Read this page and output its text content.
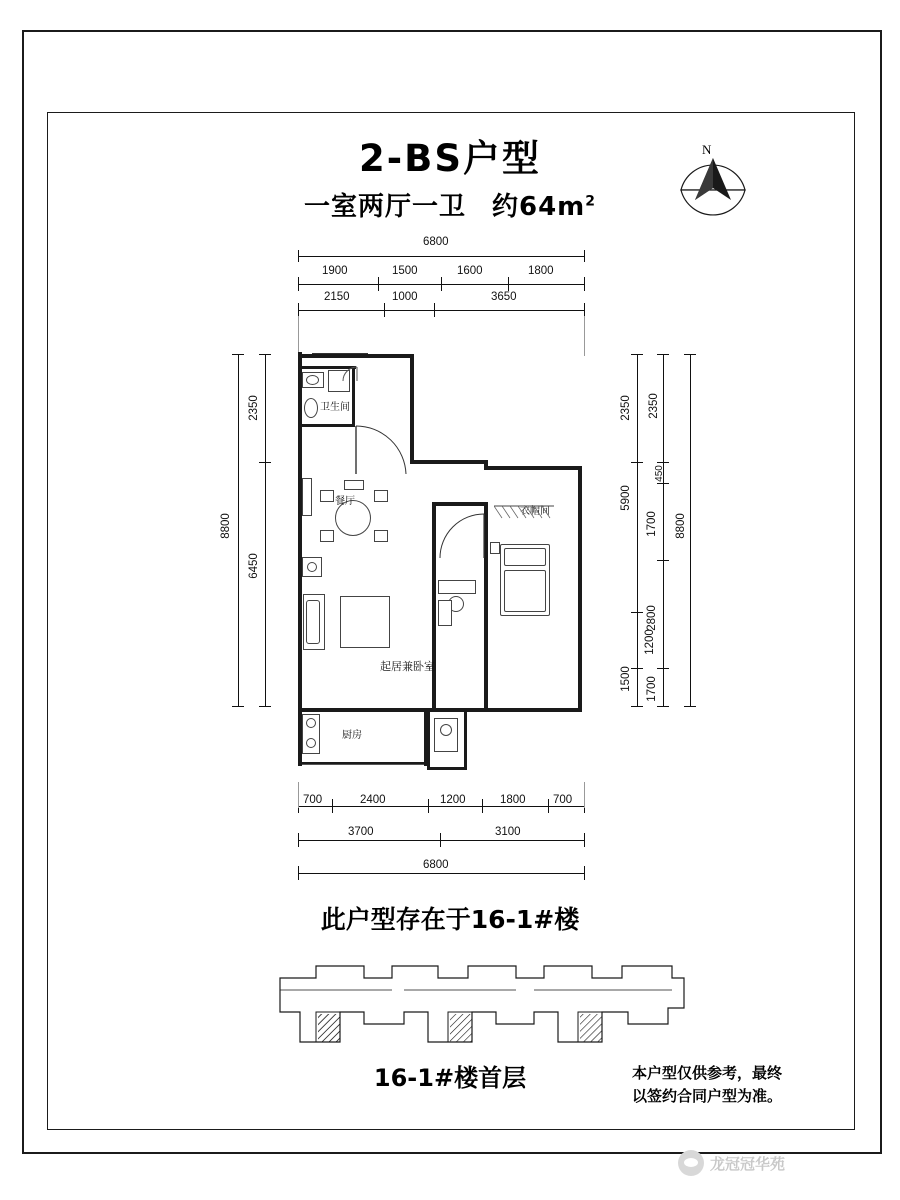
2-BS户型
一室两厅一卫 约$64m^2$
N
6800
1900	1500	1600	1800
2150	1000	3650
8800
2350
6450
2350
5900
1500
1200
2350
450
1700
2800
1700
8800
卫生间
餐厅
起居兼卧室
衣帽间
厨房
700	2400	1200	1800 700
3700	3100
6800
此户型存在于16-1#楼
16-1#楼首层	本户型仅供参考，最终
以签约合同户型为准。
龙冠冠华苑
